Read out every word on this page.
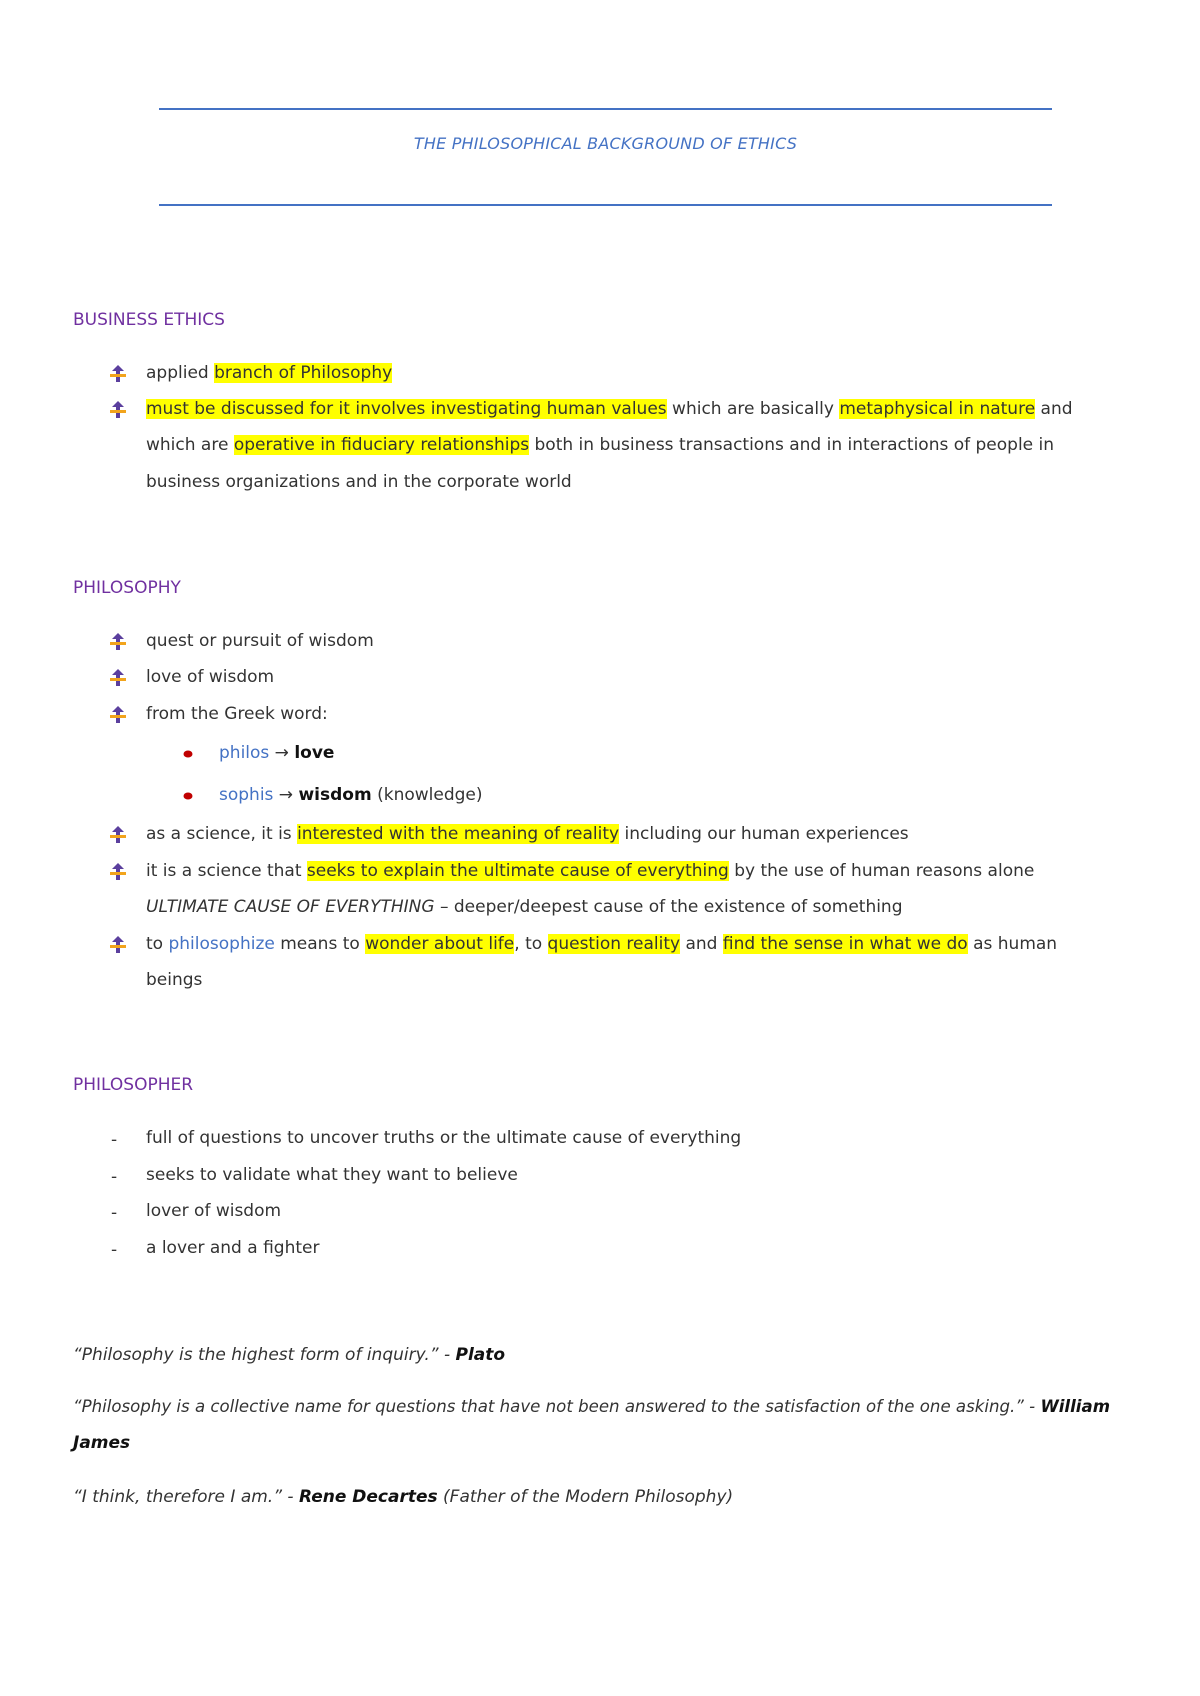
THE PHILOSOPHICAL BACKGROUND OF ETHICS
BUSINESS ETHICS
applied branch of Philosophy
must be discussed for it involves investigating human values which are basically metaphysical in nature and
which are operative in fiduciary relationships both in business transactions and in interactions of people in
business organizations and in the corporate world
PHILOSOPHY
quest or pursuit of wisdom
love of wisdom
from the Greek word:
philos → love
sophis → wisdom (knowledge)
as a science, it is interested with the meaning of reality including our human experiences
it is a science that seeks to explain the ultimate cause of everything by the use of human reasons alone
ULTIMATE CAUSE OF EVERYTHING – deeper/deepest cause of the existence of something
to philosophize means to wonder about life, to question reality and find the sense in what we do as human
beings
PHILOSOPHER
- full of questions to uncover truths or the ultimate cause of everything
- seeks to validate what they want to believe
- lover of wisdom
- a lover and a fighter
“Philosophy is the highest form of inquiry.” - Plato
“Philosophy is a collective name for questions that have not been answered to the satisfaction of the one asking.” - William
James
“I think, therefore I am.” - Rene Decartes (Father of the Modern Philosophy)
